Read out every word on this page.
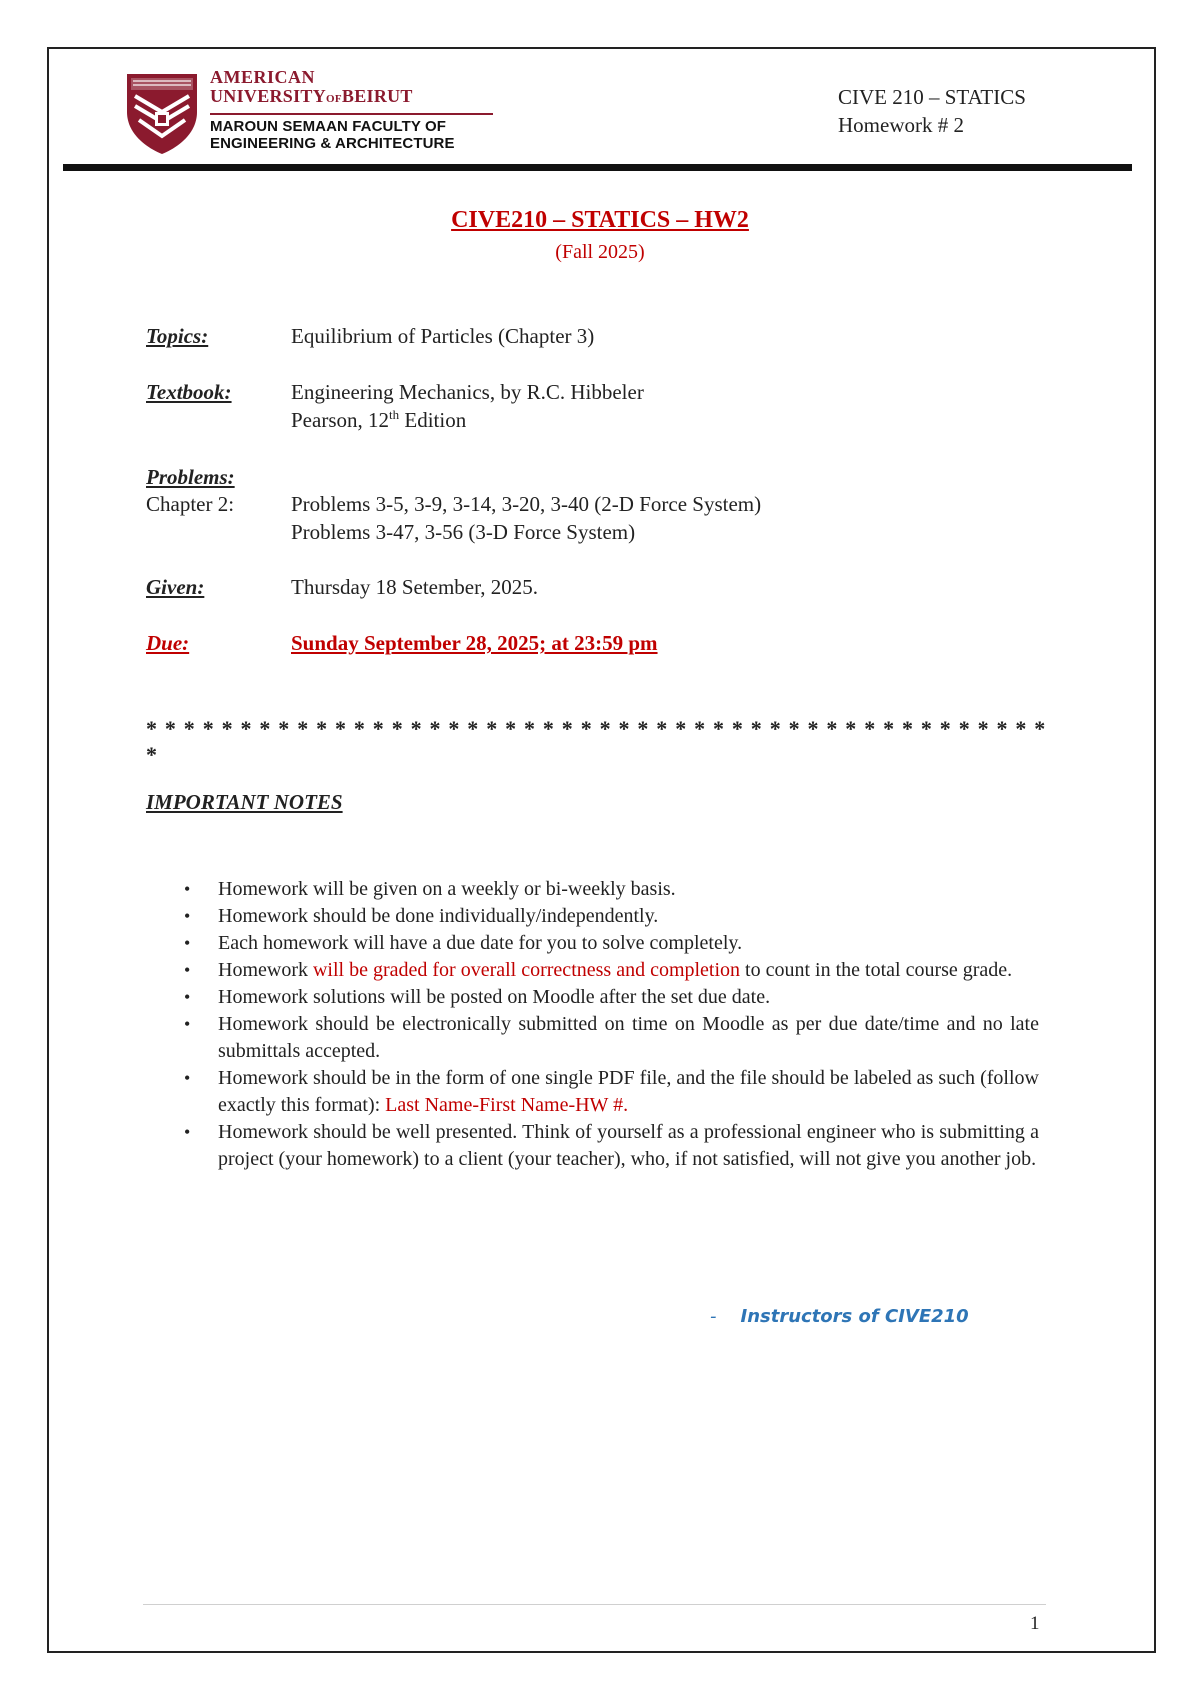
AMERICAN
UNIVERSITYOFBEIRUT
MAROUN SEMAAN FACULTY OF
ENGINEERING & ARCHITECTURE
CIVE 210 – STATICS
Homework # 2
CIVE210 – STATICS – HW2
(Fall 2025)
Topics:	Equilibrium of Particles (Chapter 3)
Textbook:	Engineering Mechanics, by R.C. Hibbeler
Pearson, 12th Edition
Problems:
Chapter 2:	Problems 3-5, 3-9, 3-14, 3-20, 3-40 (2-D Force System)
Problems 3-47, 3-56 (3-D Force System)
Given:	Thursday 18 Setember, 2025.
Due:	Sunday September 28, 2025; at 23:59 pm
* * * * * * * * * * * * * * * * * * * * * * * * * * * * * * * * * * * * * * * * * * * * * * * * *
IMPORTANT NOTES
• Homework will be given on a weekly or bi-weekly basis.
• Homework should be done individually/independently.
• Each homework will have a due date for you to solve completely.
• Homework will be graded for overall correctness and completion to count in the total course grade.
• Homework solutions will be posted on Moodle after the set due date.
• Homework should be electronically submitted on time on Moodle as per due date/time and no late submittals accepted.
• Homework should be in the form of one single PDF file, and the file should be labeled as such (follow exactly this format): Last Name-First Name-HW #.
• Homework should be well presented. Think of yourself as a professional engineer who is submitting a project (your homework) to a client (your teacher), who, if not satisfied, will not give you another job.
- Instructors of CIVE210
1
